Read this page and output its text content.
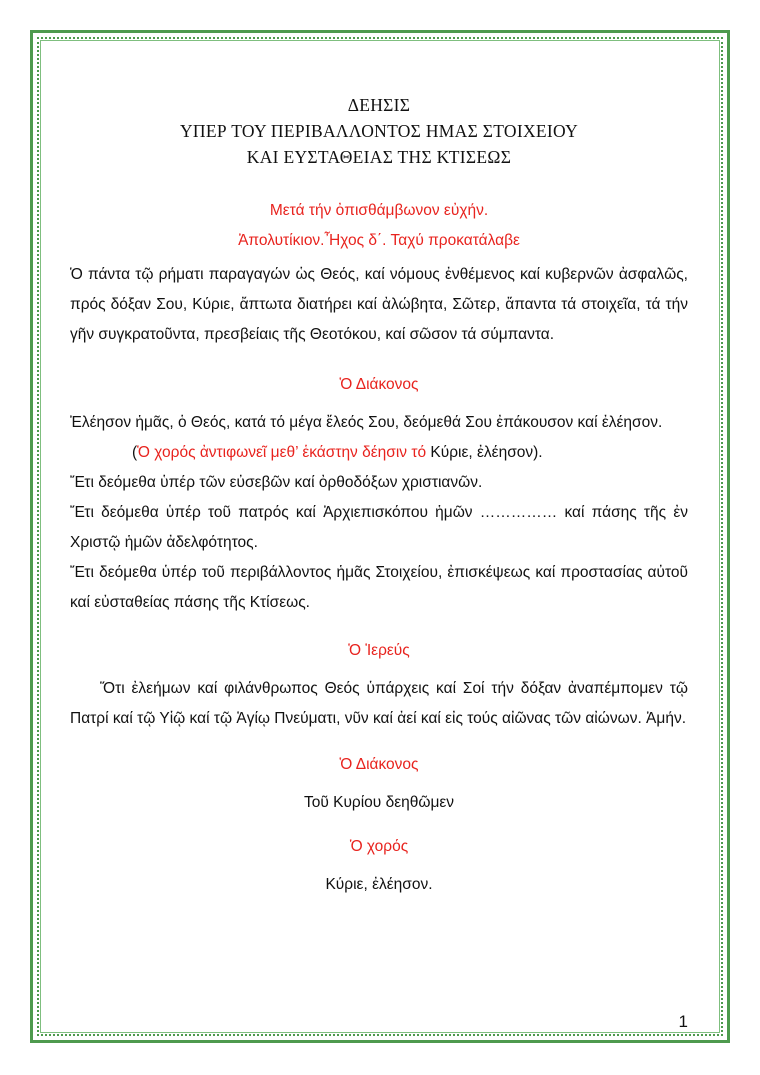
ΔΕΗΣΙΣ

ΥΠΕΡ ΤΟΥ ΠΕΡΙΒΑΛΛΟΝΤΟΣ ΗΜΑΣ ΣΤΟΙΧΕΙΟΥ

ΚΑΙ ΕΥΣΤΑΘΕΙΑΣ ΤΗΣ ΚΤΙΣΕΩΣ

Μετά τήν ὀπισθάμβωνον εὐχήν.
Ἀπολυτίκιον.Ἦχος δ΄. Ταχύ προκατάλαβε

Ὁ πάντα τῷ ρήματι παραγαγών ὡς Θεός, καί νόμους ἐνθέμενος καί κυβερνῶν ἀσφαλῶς, πρός δόξαν Σου, Κύριε, ἄπτωτα διατήρει καί ἀλώβητα, Σῶτερ, ἅπαντα τά στοιχεῖα, τά τήν γῆν συγκρατοῦντα, πρεσβείαις τῆς Θεοτόκου, καί σῶσον τά σύμπαντα.

Ὁ Διάκονος

Ἐλέησον ἡμᾶς, ὁ Θεός, κατά τό μέγα ἔλεός Σου, δεόμεθά Σου ἐπάκουσον καί ἐλέησον.

(Ὁ χορός ἀντιφωνεῖ μεθ’ ἑκάστην δέησιν τό Κύριε, ἐλέησον).

Ἔτι δεόμεθα ὑπέρ τῶν εὐσεβῶν καί ὀρθοδόξων χριστιανῶν.

Ἔτι δεόμεθα ὑπέρ τοῦ πατρός καί Ἀρχιεπισκόπου ἡμῶν …………… καί πάσης τῆς ἐν Χριστῷ ἡμῶν ἀδελφότητος.

Ἔτι δεόμεθα ὑπέρ τοῦ περιβάλλοντος ἡμᾶς Στοιχείου, ἐπισκέψεως καί προστασίας αὐτοῦ καί εὐσταθείας πάσης τῆς Κτίσεως.

Ὁ Ἱερεύς

Ὅτι ἐλεήμων καί φιλάνθρωπος Θεός ὑπάρχεις καί Σοί τήν δόξαν ἀναπέμπομεν τῷ Πατρί καί τῷ Υἱῷ καί τῷ Ἁγίῳ Πνεύματι, νῦν καί ἀεί καί εἰς τούς αἰῶνας τῶν αἰώνων. Ἀμήν.

Ὁ Διάκονος
Τοῦ Κυρίου δεηθῶμεν
Ὁ χορός
Κύριε, ἐλέησον.
1
